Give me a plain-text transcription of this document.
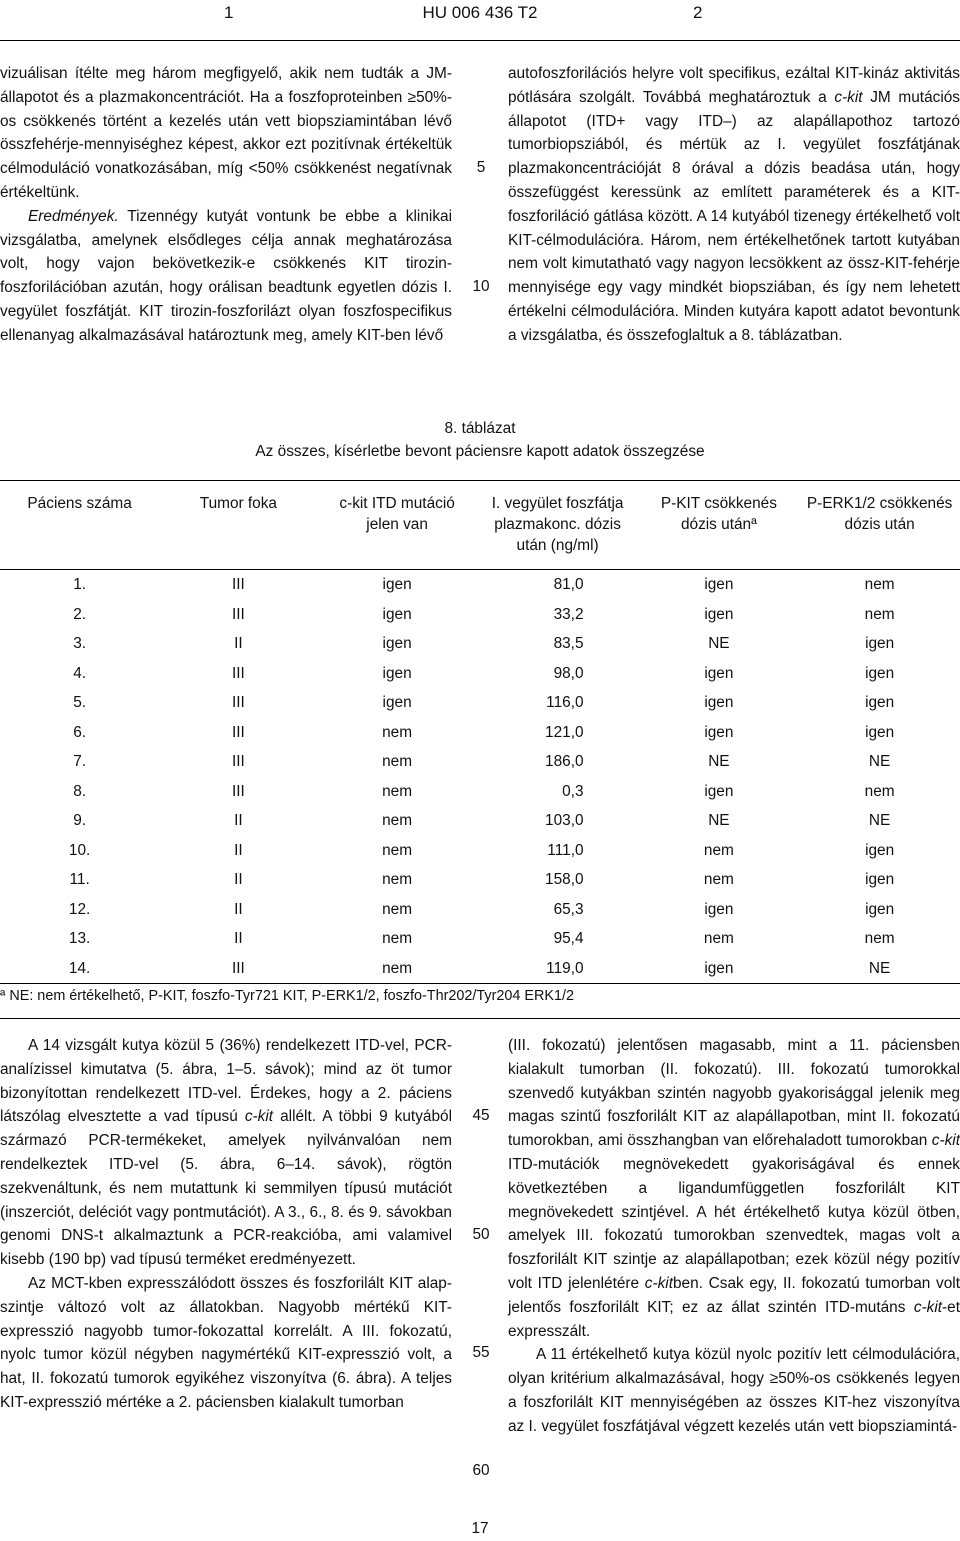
1	HU 006 436 T2	2

vizuálisan ítélte meg három megfigyelő, akik nem tudták a JM-állapotot és a plazmakoncentrációt. Ha a foszfoproteinben ≥50%-os csökkenés történt a kezelés után vett biopsziamintában lévő összfehérje-mennyiséghez képest, akkor ezt pozitívnak értékeltük célmoduláció vonatkozásában, míg <50% csökkenést negatívnak értékeltünk.

Eredmények. Tizennégy kutyát vontunk be ebbe a klinikai vizsgálatba, amelynek elsődleges célja annak meghatározása volt, hogy vajon bekövetkezik-e csökkenés KIT tirozin-foszforilációban azután, hogy orálisan beadtunk egyetlen dózis I. vegyület foszfátját. KIT tirozin-foszforilázt olyan foszfospecifikus ellenanyag alkalmazásával határoztunk meg, amely KIT-ben lévő

5
10

autofoszforilációs helyre volt specifikus, ezáltal KIT-kináz aktivitás pótlására szolgált. Továbbá meghatároztuk a c-kit JM mutációs állapotot (ITD+ vagy ITD–) az alapállapothoz tartozó tumorbiopsziából, és mértük az I. vegyület foszfátjának plazmakoncentrációját 8 órával a dózis beadása után, hogy összefüggést keressünk az említett paraméterek és a KIT-foszforiláció gátlása között. A 14 kutyából tizenegy értékelhető volt KIT-célmodulációra. Három, nem értékelhetőnek tartott kutyában nem volt kimutatható vagy nagyon lecsökkent az össz-KIT-fehérje mennyisége egy vagy mindkét biopsziában, és így nem lehetett értékelni célmodulációra. Minden kutyára kapott adatot bevontunk a vizsgálatba, és összefoglaltuk a 8. táblázatban.

8. táblázat
Az összes, kísérletbe bevont páciensre kapott adatok összegzése
Páciens száma	Tumor foka	c-kit ITD mutáció jelen van	I. vegyület foszfátja plazmakonc. dózis után (ng/ml)	P-KIT csökkenés dózis utánª	P-ERK1/2 csökkenés dózis után
1.	III	igen	81,0	igen	nem
2.	III	igen	33,2	igen	nem
3.	II	igen	83,5	NE	igen
4.	III	igen	98,0	igen	igen
5.	III	igen	116,0	igen	igen
6.	III	nem	121,0	igen	igen
7.	III	nem	186,0	NE	NE
8.	III	nem	0,3	igen	nem
9.	II	nem	103,0	NE	NE
10.	II	nem	111,0	nem	igen
11.	II	nem	158,0	nem	igen
12.	II	nem	65,3	igen	igen
13.	II	nem	95,4	nem	nem
14.	III	nem	119,0	igen	NE
ª NE: nem értékelhető, P-KIT, foszfo-Tyr721 KIT, P-ERK1/2, foszfo-Thr202/Tyr204 ERK1/2

A 14 vizsgált kutya közül 5 (36%) rendelkezett ITD-vel, PCR-analízissel kimutatva (5. ábra, 1–5. sávok); mind az öt tumor bizonyítottan rendelkezett ITD-vel. Érdekes, hogy a 2. páciens látszólag elvesztette a vad típusú c-kit allélt. A többi 9 kutyából származó PCR-termékeket, amelyek nyilvánvalóan nem rendelkeztek ITD-vel (5. ábra, 6–14. sávok), rögtön szekvenáltunk, és nem mutattunk ki semmilyen típusú mutációt (inszerciót, deléciót vagy pontmutációt). A 3., 6., 8. és 9. sávokban genomi DNS-t alkalmaztunk a PCR-reakcióba, ami valamivel kisebb (190 bp) vad típusú terméket eredményezett.

Az MCT-kben expresszálódott összes és foszforilált KIT alap-szintje változó volt az állatokban. Nagyobb mértékű KIT-expresszió nagyobb tumor-fokozattal korrelált. A III. fokozatú, nyolc tumor közül négyben nagymértékű KIT-expresszió volt, a hat, II. fokozatú tumorok egyikéhez viszonyítva (6. ábra). A teljes KIT-expresszió mértéke a 2. páciensben kialakult tumorban

45
50
55
60

(III. fokozatú) jelentősen magasabb, mint a 11. páciensben kialakult tumorban (II. fokozatú). III. fokozatú tumorokkal szenvedő kutyákban szintén nagyobb gyakorisággal jelenik meg magas szintű foszforilált KIT az alapállapotban, mint II. fokozatú tumorokban, ami összhangban van előrehaladott tumorokban c-kit ITD-mutációk megnövekedett gyakoriságával és ennek következtében a ligandumfüggetlen foszforilált KIT megnövekedett szintjével. A hét értékelhető kutya közül ötben, amelyek III. fokozatú tumorokban szenvedtek, magas volt a foszforilált KIT szintje az alapállapotban; ezek közül négy pozitív volt ITD jelenlétére c-kitben. Csak egy, II. fokozatú tumorban volt jelentős foszforilált KIT; ez az állat szintén ITD-mutáns c-kit-et expresszált.

A 11 értékelhető kutya közül nyolc pozitív lett célmodulációra, olyan kritérium alkalmazásával, hogy ≥50%-os csökkenés legyen a foszforilált KIT mennyiségében az összes KIT-hez viszonyítva az I. vegyület foszfátjával végzett kezelés után vett biopsziamintá-

17
